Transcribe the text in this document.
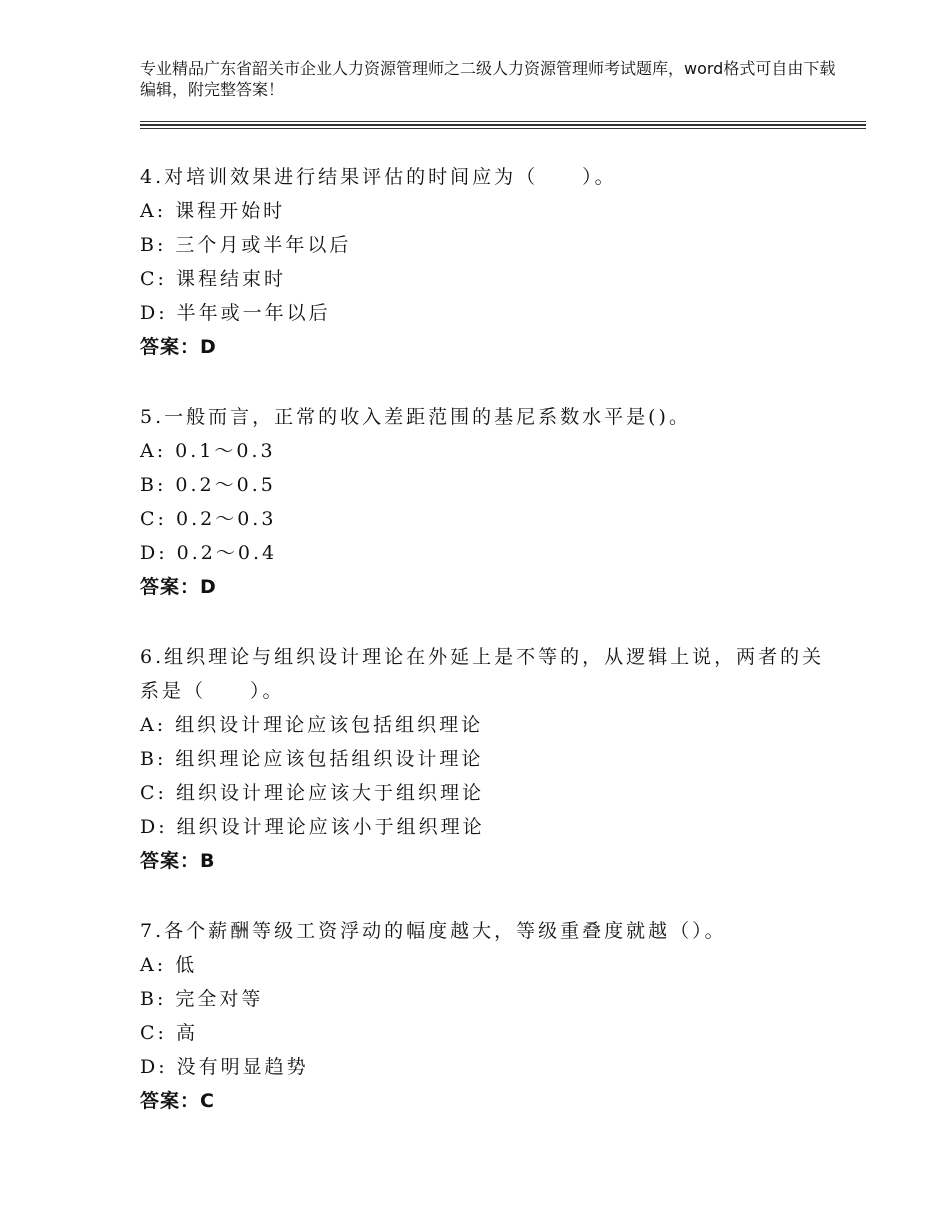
专业精品广东省韶关市企业人力资源管理师之二级人力资源管理师考试题库，word格式可自由下载编辑，附完整答案！
4.对培训效果进行结果评估的时间应为（　　）。
A: 课程开始时
B: 三个月或半年以后
C: 课程结束时
D: 半年或一年以后
答案：D
5.一般而言，正常的收入差距范围的基尼系数水平是()。
A: 0.1～0.3
B: 0.2～0.5
C: 0.2～0.3
D: 0.2～0.4
答案：D
6.组织理论与组织设计理论在外延上是不等的，从逻辑上说，两者的关系是（　　）。
A: 组织设计理论应该包括组织理论
B: 组织理论应该包括组织设计理论
C: 组织设计理论应该大于组织理论
D: 组织设计理论应该小于组织理论
答案：B
7.各个薪酬等级工资浮动的幅度越大，等级重叠度就越（）。
A: 低
B: 完全对等
C: 高
D: 没有明显趋势
答案：C
